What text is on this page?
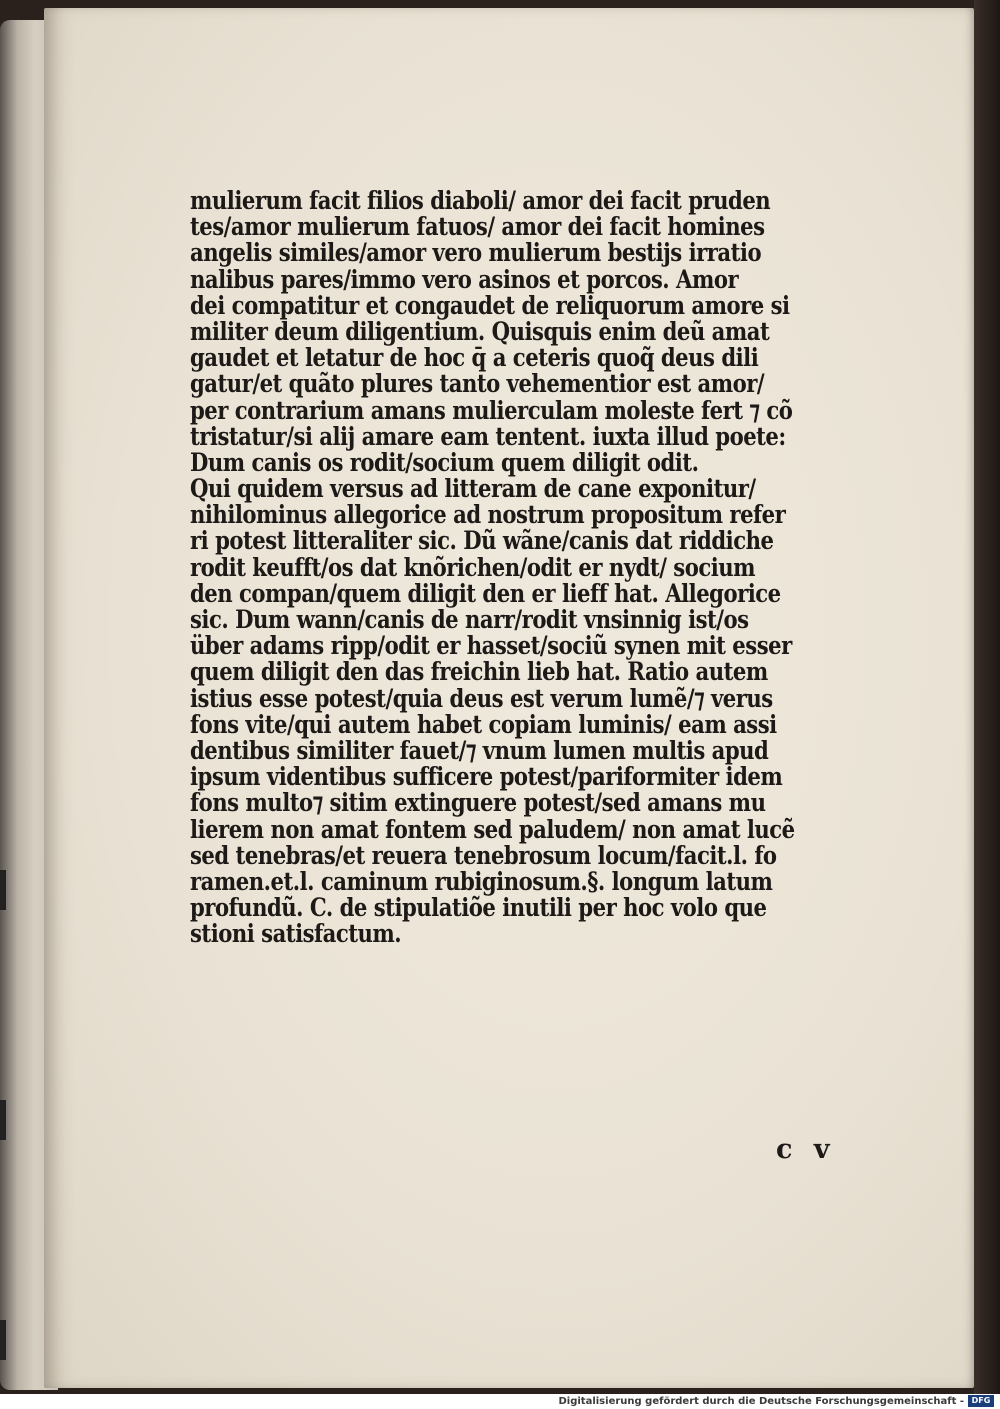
mulierum facit filios diaboli/ amor dei facit pruden
tes/amor mulierum fatuos/ amor dei facit homines
angelis similes/amor vero mulierum bestijs irratio
nalibus pares/immo vero asinos et porcos. Amor
dei compatitur et congaudet de reliquorum amore si
militer deum diligentium. Quisquis enim deũ amat
gaudet et letatur de hoc q̄ a ceteris quoq̃ deus dili
gatur/et quãto plures tanto vehementior est amor/
per contrarium amans mulierculam moleste fert ⁊ cõ
tristatur/si alij amare eam tentent. iuxta illud poete:
Dum canis os rodit/socium quem diligit odit.
Qui quidem versus ad litteram de cane exponitur/
nihilominus allegorice ad nostrum propositum refer
ri potest litteraliter sic. Dũ wãne/canis dat riddiche
rodit keufft/os dat knõrichen/odit er nydt/ socium
den compan/quem diligit den er lieff hat. Allegorice
sic. Dum wann/canis de narr/rodit vnsinnig ist/os
über adams ripp/odit er hasset/sociũ synen mit esser
quem diligit den das freichin lieb hat. Ratio autem
istius esse potest/quia deus est verum lumẽ/⁊ verus
fons vite/qui autem habet copiam luminis/ eam assi
dentibus similiter fauet/⁊ vnum lumen multis apud
ipsum videntibus sufficere potest/pariformiter idem
fons multo⁊ sitim extinguere potest/sed amans mu
lierem non amat fontem sed paludem/ non amat lucẽ
sed tenebras/et reuera tenebrosum locum/facit.l. fo
ramen.et.l. caminum rubiginosum.§. longum latum
profundũ. C. de stipulatiõe inutili per hoc volo que
stioni satisfactum.
c v
Digitalisierung gefördert durch die Deutsche Forschungsgemeinschaft - DFG
